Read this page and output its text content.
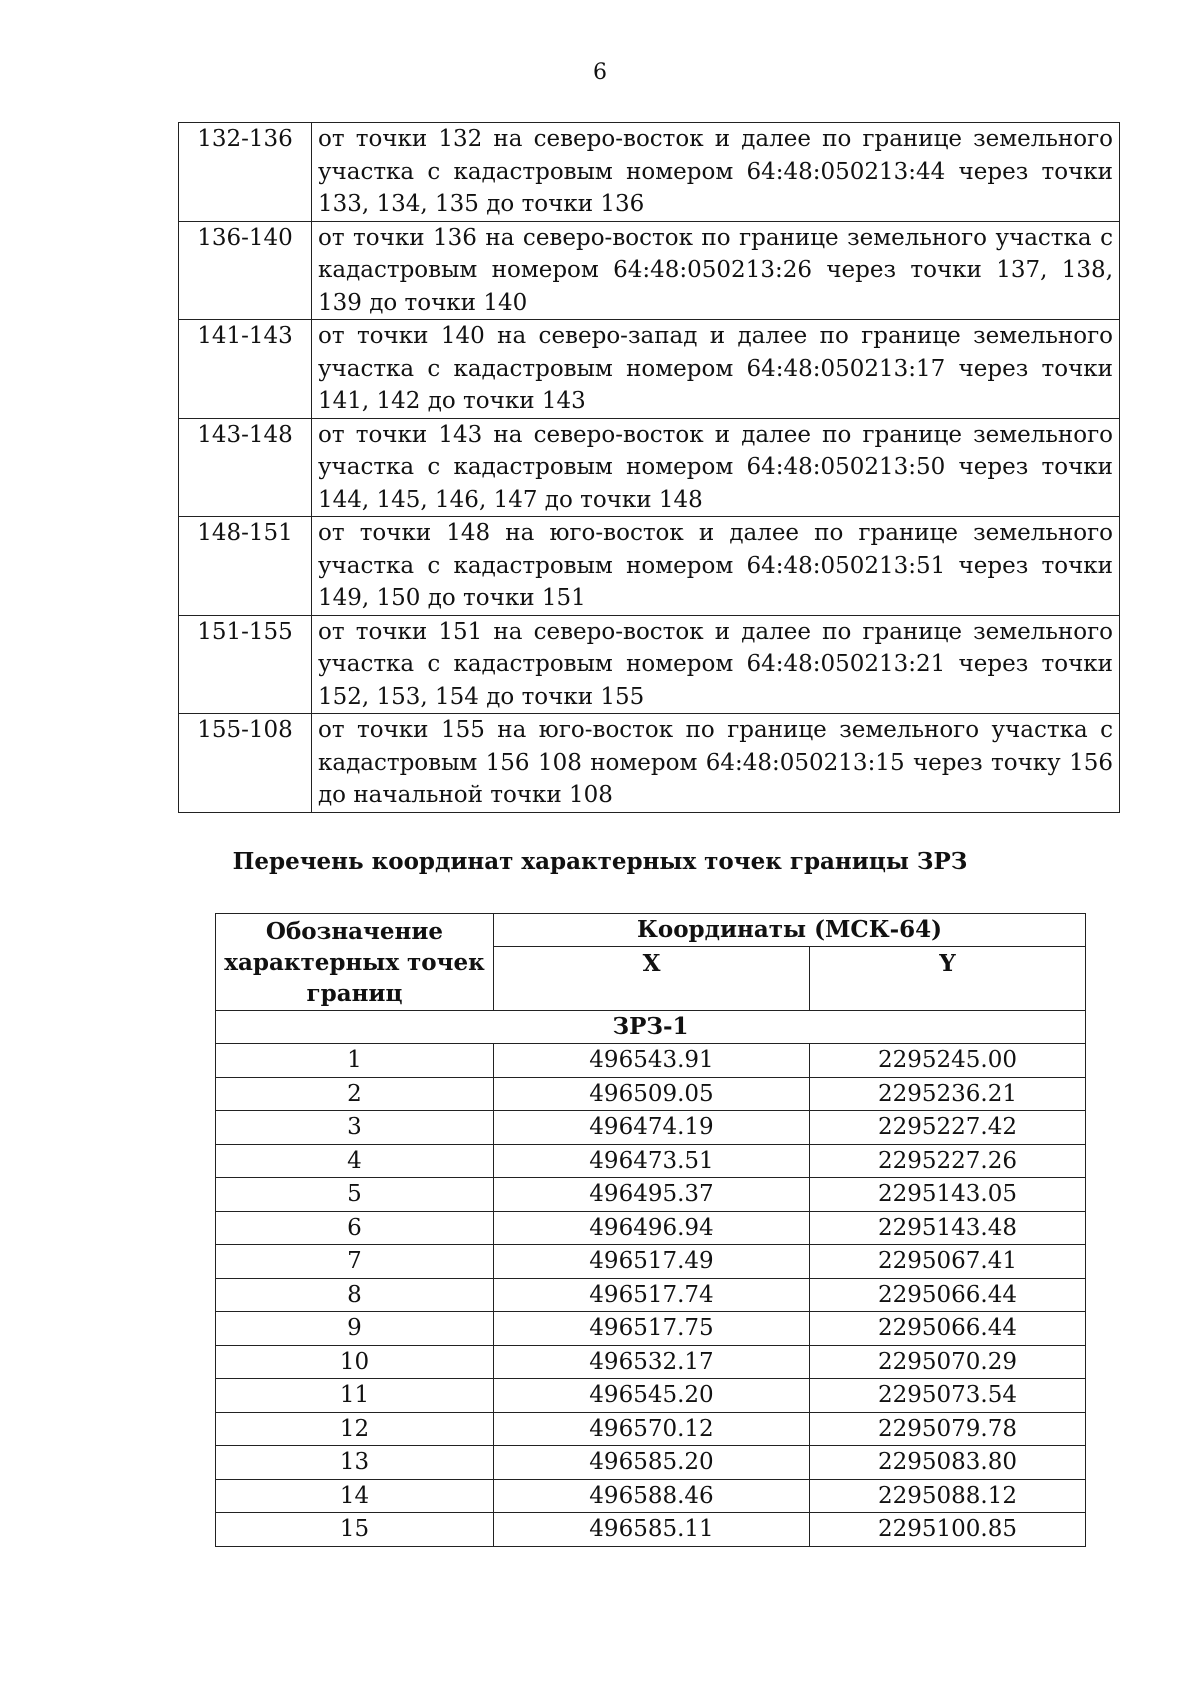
6
132-136	от точки 132 на северо-восток и далее по границе земельного участка с кадастровым номером 64:48:050213:44 через точки 133, 134, 135 до точки 136
136-140	от точки 136 на северо-восток по границе земельного участка с кадастровым номером 64:48:050213:26 через точки 137, 138, 139 до точки 140
141-143	от точки 140 на северо-запад и далее по границе земельного участка с кадастровым номером 64:48:050213:17 через точки 141, 142 до точки 143
143-148	от точки 143 на северо-восток и далее по границе земельного участка с кадастровым номером 64:48:050213:50 через точки 144, 145, 146, 147 до точки 148
148-151	от точки 148 на юго-восток и далее по границе земельного участка с кадастровым номером 64:48:050213:51 через точки 149, 150 до точки 151
151-155	от точки 151 на северо-восток и далее по границе земельного участка с кадастровым номером 64:48:050213:21 через точки 152, 153, 154 до точки 155
155-108	от точки 155 на юго-восток по границе земельного участка с кадастровым 156 108 номером 64:48:050213:15 через точку 156 до начальной точки 108
Перечень координат характерных точек границы ЗРЗ
Обозначение характерных точек границ	Координаты (МСК-64)	
	X	Y
ЗРЗ-1		
1	496543.91	2295245.00
2	496509.05	2295236.21
3	496474.19	2295227.42
4	496473.51	2295227.26
5	496495.37	2295143.05
6	496496.94	2295143.48
7	496517.49	2295067.41
8	496517.74	2295066.44
9	496517.75	2295066.44
10	496532.17	2295070.29
11	496545.20	2295073.54
12	496570.12	2295079.78
13	496585.20	2295083.80
14	496588.46	2295088.12
15	496585.11	2295100.85
